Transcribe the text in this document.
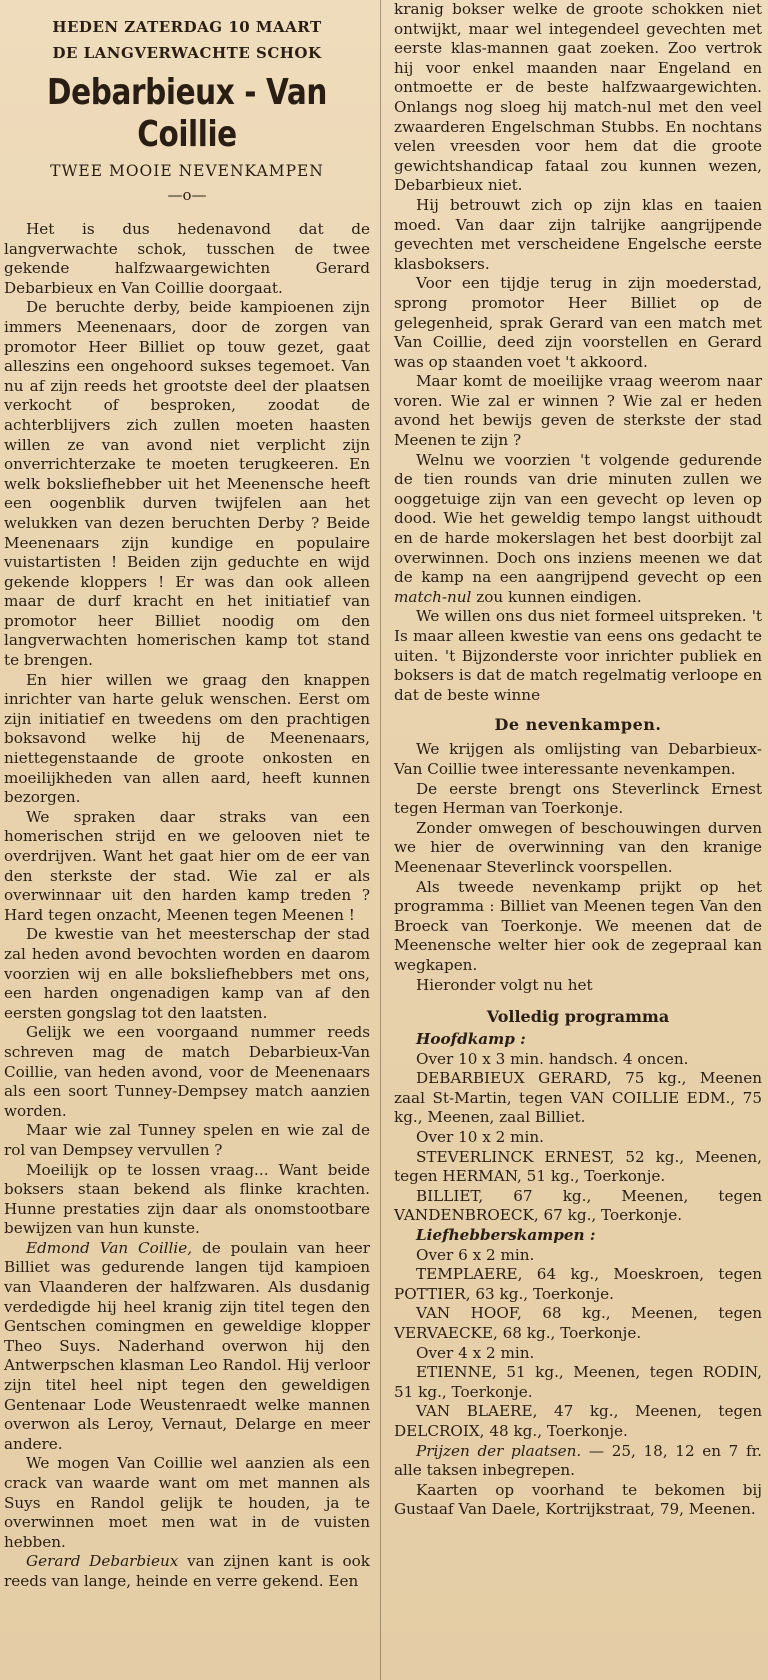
HEDEN ZATERDAG 10 MAART
DE LANGVERWACHTE SCHOK
Debarbieux - Van Coillie
TWEE MOOIE NEVENKAMPEN
—o—

Het is dus hedenavond dat de langverwachte schok, tusschen de twee gekende halfzwaargewichten Gerard Debarbieux en Van Coillie doorgaat.

De beruchte derby, beide kampioenen zijn immers Meenenaars, door de zorgen van promotor Heer Billiet op touw gezet, gaat alleszins een ongehoord sukses tegemoet. Van nu af zijn reeds het grootste deel der plaatsen verkocht of besproken, zoodat de achterblijvers zich zullen moeten haasten willen ze van avond niet verplicht zijn onverrichterzake te moeten terugkeeren. En welk boksliefhebber uit het Meenensche heeft een oogenblik durven twijfelen aan het welukken van dezen beruchten Derby ? Beide Meenenaars zijn kundige en populaire vuistartisten ! Beiden zijn geduchte en wijd gekende kloppers ! Er was dan ook alleen maar de durf kracht en het initiatief van promotor heer Billiet noodig om den langverwachten homerischen kamp tot stand te brengen.

En hier willen we graag den knappen inrichter van harte geluk wenschen. Eerst om zijn initiatief en tweedens om den prachtigen boksavond welke hij de Meenenaars, niettegenstaande de groote onkosten en moeilijkheden van allen aard, heeft kunnen bezorgen.

We spraken daar straks van een homerischen strijd en we gelooven niet te overdrijven. Want het gaat hier om de eer van den sterkste der stad. Wie zal er als overwinnaar uit den harden kamp treden ? Hard tegen onzacht, Meenen tegen Meenen !

De kwestie van het meesterschap der stad zal heden avond bevochten worden en daarom voorzien wij en alle boksliefhebbers met ons, een harden ongenadigen kamp van af den eersten gongslag tot den laatsten.

Gelijk we een voorgaand nummer reeds schreven mag de match Debarbieux-Van Coillie, van heden avond, voor de Meenenaars als een soort Tunney-Dempsey match aanzien worden.

Maar wie zal Tunney spelen en wie zal de rol van Dempsey vervullen ?

Moeilijk op te lossen vraag... Want beide boksers staan bekend als flinke krachten. Hunne prestaties zijn daar als onomstootbare bewijzen van hun kunste.

Edmond Van Coillie, de poulain van heer Billiet was gedurende langen tijd kampioen van Vlaanderen der halfzwaren. Als dusdanig verdedigde hij heel kranig zijn titel tegen den Gentschen comingmen en geweldige klopper Theo Suys. Naderhand overwon hij den Antwerpschen klasman Leo Randol. Hij verloor zijn titel heel nipt tegen den geweldigen Gentenaar Lode Weustenraedt welke mannen overwon als Leroy, Vernaut, Delarge en meer andere.

We mogen Van Coillie wel aanzien als een crack van waarde want om met mannen als Suys en Randol gelijk te houden, ja te overwinnen moet men wat in de vuisten hebben.

Gerard Debarbieux van zijnen kant is ook reeds van lange, heinde en verre gekend. Een

kranig bokser welke de groote schokken niet ontwijkt, maar wel integendeel gevechten met eerste klas-mannen gaat zoeken. Zoo vertrok hij voor enkel maanden naar Engeland en ontmoette er de beste halfzwaargewichten. Onlangs nog sloeg hij match-nul met den veel zwaarderen Engelschman Stubbs. En nochtans velen vreesden voor hem dat die groote gewichtshandicap fataal zou kunnen wezen, Debarbieux niet.

Hij betrouwt zich op zijn klas en taaien moed. Van daar zijn talrijke aangrijpende gevechten met verscheidene Engelsche eerste klasboksers.

Voor een tijdje terug in zijn moederstad, sprong promotor Heer Billiet op de gelegenheid, sprak Gerard van een match met Van Coillie, deed zijn voorstellen en Gerard was op staanden voet 't akkoord.

Maar komt de moeilijke vraag weerom naar voren. Wie zal er winnen ? Wie zal er heden avond het bewijs geven de sterkste der stad Meenen te zijn ?

Welnu we voorzien 't volgende gedurende de tien rounds van drie minuten zullen we ooggetuige zijn van een gevecht op leven op dood. Wie het geweldig tempo langst uithoudt en de harde mokerslagen het best doorbijt zal overwinnen. Doch ons inziens meenen we dat de kamp na een aangrijpend gevecht op een match-nul zou kunnen eindigen.

We willen ons dus niet formeel uitspreken. 't Is maar alleen kwestie van eens ons gedacht te uiten. 't Bijzonderste voor inrichter publiek en boksers is dat de match regelmatig verloope en dat de beste winne

De nevenkampen.

We krijgen als omlijsting van Debarbieux-Van Coillie twee interessante nevenkampen.

De eerste brengt ons Steverlinck Ernest tegen Herman van Toerkonje.

Zonder omwegen of beschouwingen durven we hier de overwinning van den kranige Meenenaar Steverlinck voorspellen.

Als tweede nevenkamp prijkt op het programma : Billiet van Meenen tegen Van den Broeck van Toerkonje. We meenen dat de Meenensche welter hier ook de zegepraal kan wegkapen.

Hieronder volgt nu het

Volledig programma

Hoofdkamp :

Over 10 x 3 min. handsch. 4 oncen.

DEBARBIEUX GERARD, 75 kg., Meenen zaal St-Martin, tegen VAN COILLIE EDM., 75 kg., Meenen, zaal Billiet.

Over 10 x 2 min.

STEVERLINCK ERNEST, 52 kg., Meenen, tegen HERMAN, 51 kg., Toerkonje.

BILLIET, 67 kg., Meenen, tegen VANDENBROECK, 67 kg., Toerkonje.

Liefhebberskampen :

Over 6 x 2 min.

TEMPLAERE, 64 kg., Moeskroen, tegen POTTIER, 63 kg., Toerkonje.

VAN HOOF, 68 kg., Meenen, tegen VERVAECKE, 68 kg., Toerkonje.

Over 4 x 2 min.

ETIENNE, 51 kg., Meenen, tegen RODIN, 51 kg., Toerkonje.

VAN BLAERE, 47 kg., Meenen, tegen DELCROIX, 48 kg., Toerkonje.

Prijzen der plaatsen. — 25, 18, 12 en 7 fr. alle taksen inbegrepen.

Kaarten op voorhand te bekomen bij Gustaaf Van Daele, Kortrijkstraat, 79, Meenen.
